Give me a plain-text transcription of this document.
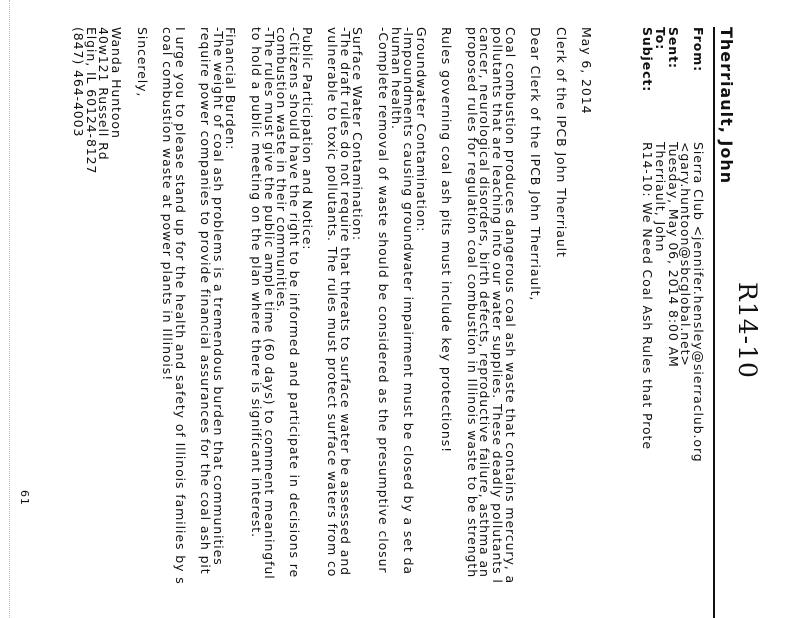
R14-10
Therriault, John
From:
Sierra Club <jennifer.hensley@sierraclub.org
<gary.huntoon@sbcglobal.net>
Sent:
Tuesday, May 06, 2014 8:00 AM
To:
Therriault, John
Subject:
R14-10: We Need Coal Ash Rules that Prote
May 6, 2014
Clerk of the IPCB John Therriault
Dear Clerk of the IPCB John Therriault,
Coal combustion produces dangerous coal ash waste that contains mercury, a
pollutants that are leaching into our water supplies. These deadly pollutants l
cancer, neurological disorders, birth defects, reproductive failure, asthma an
proposed rules for regulation coal combustion in Illinois waste to be strength
Rules governing coal ash pits must include key protections!
Groundwater Contamination:
-Impoundments causing groundwater impairment must be closed by a set da
human health.
-Complete removal of waste should be considered as the presumptive closur
Surface Water Contamination:
-The draft rules do not require that threats to surface water be assessed and
vulnerable to toxic pollutants. The rules must protect surface waters from co
Public Participation and Notice:
-Citizens should have the right to be informed and participate in decisions re
combustion waste in their communities.
-The rules must give the public ample time (60 days) to comment meaningful
to hold a public meeting on the plan where there is significant interest.
Financial Burden:
-The weight of coal ash problems is a tremendous burden that communities
require power companies to provide financial assurances for the coal ash pit
I urge you to please stand up for the health and safety of Illinois families by s
coal combustion waste at power plants in Illinois!
Sincerely,
Wanda Huntoon
40w121 Russell Rd
Elgin, IL 60124-8127
(847) 464-4003
61
